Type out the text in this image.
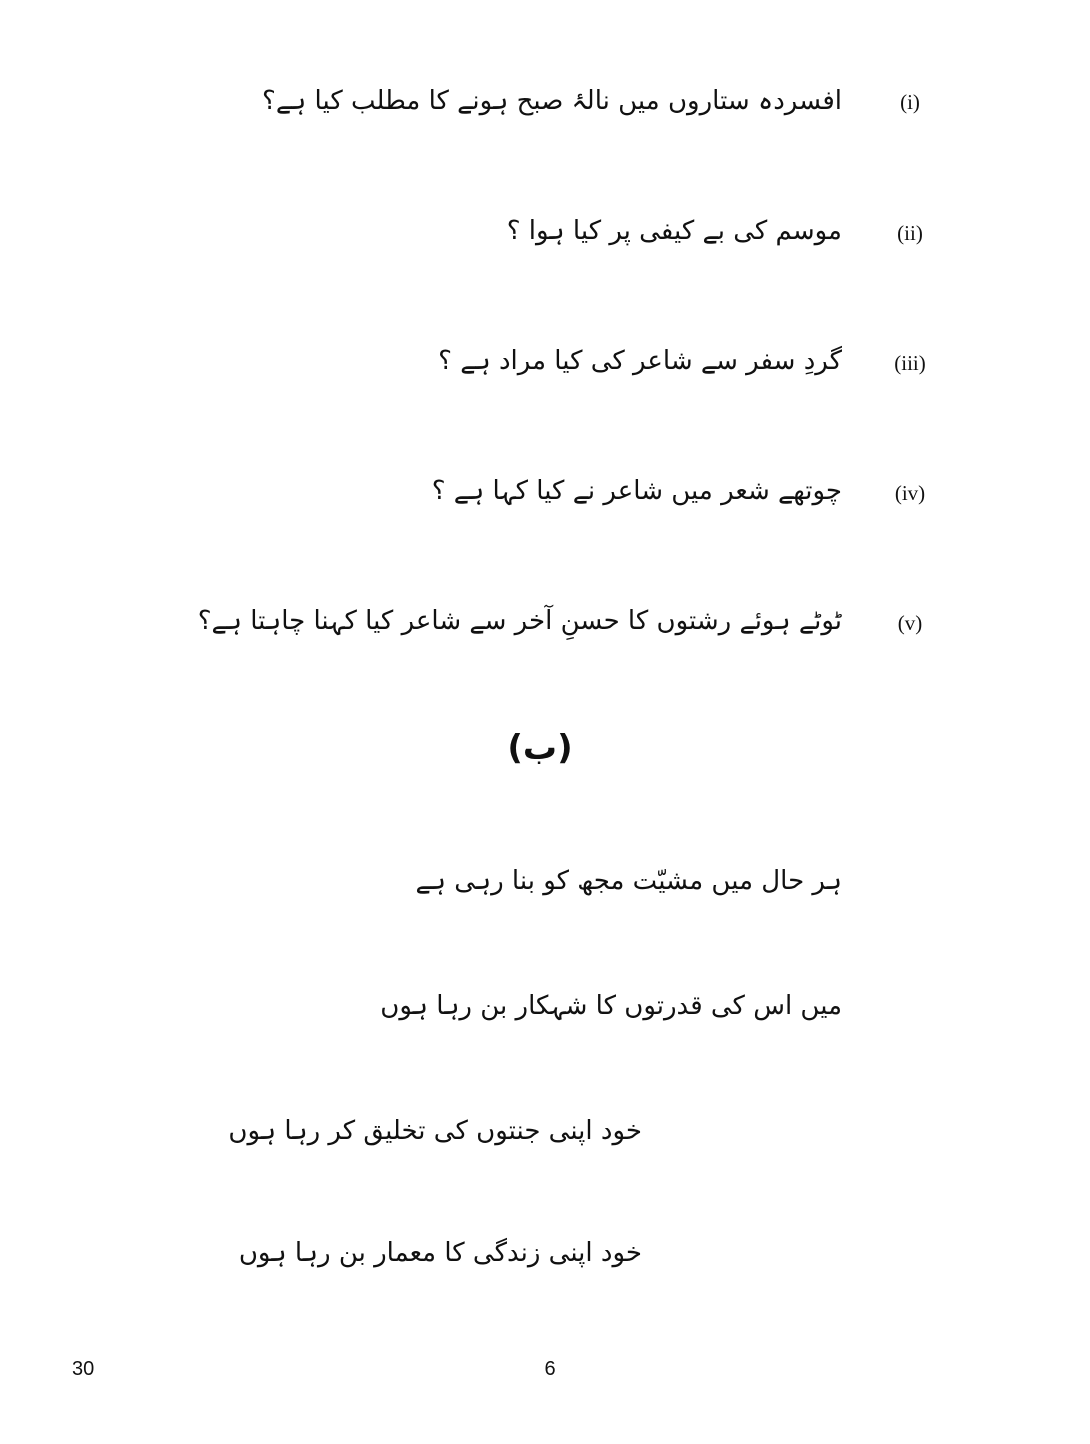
(i)
افسردہ ستاروں میں نالۂ صبح ہونے کا مطلب کیا ہے؟
(ii)
موسم کی بے کیفی پر کیا ہوا ؟
(iii)
گردِ سفر سے شاعر کی کیا مراد ہے ؟
(iv)
چوتھے شعر میں شاعر نے کیا کہا ہے ؟
(v)
ٹوٹے ہوئے رشتوں کا حسنِ آخر سے شاعر کیا کہنا چاہتا ہے؟
(ب)
ہر حال میں مشیّت مجھ کو بنا رہی ہے
میں اس کی قدرتوں کا شہکار بن رہا ہوں
خود اپنی جنتوں کی تخلیق کر رہا ہوں
خود اپنی زندگی کا معمار بن رہا ہوں
30	6
